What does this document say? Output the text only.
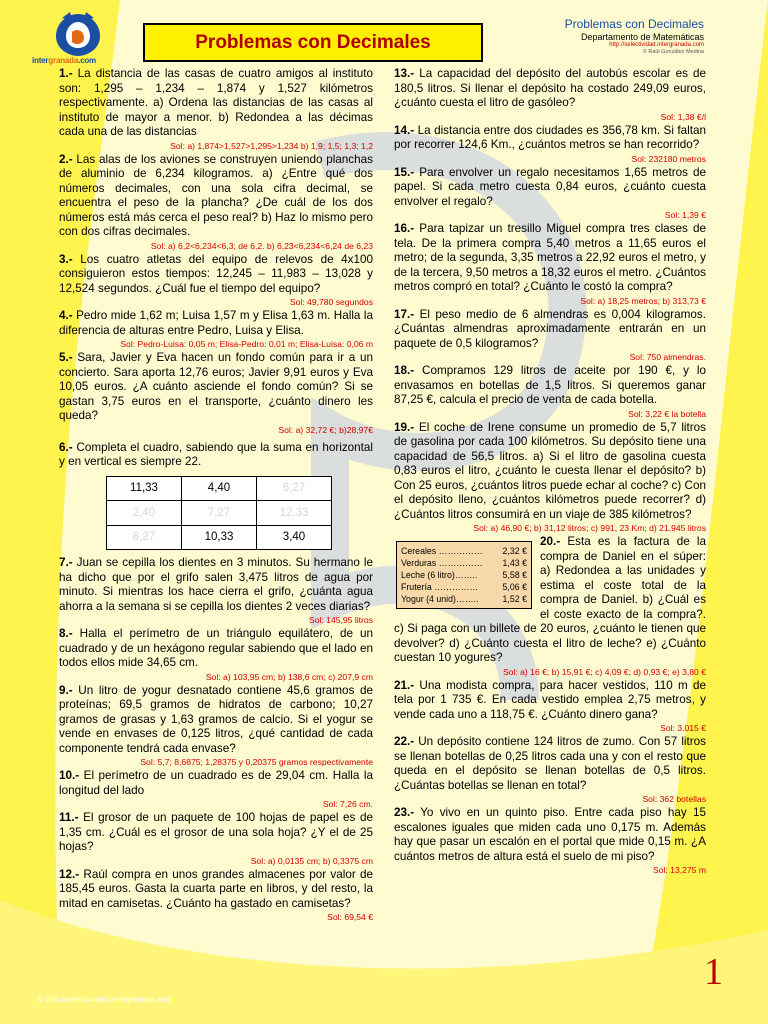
intergranada.com
Problemas con Decimales
Problemas con Decimales
Departamento de Matemáticas
http://selectividad.intergranada.com
© Raúl González Medina
1.- La distancia de las casas de cuatro amigos al instituto son: 1,295 – 1,234 – 1,874 y 1,527 kilómetros respectivamente. a) Ordena las distancias de las casas al instituto de mayor a menor. b) Redondea a las décimas cada una de las distancias
Sol: a) 1,874>1,527>1,295>1,234 b) 1,9; 1,5; 1,3; 1,2
2.- Las alas de los aviones se construyen uniendo planchas de aluminio de 6,234 kilogramos. a) ¿Entre qué dos números decimales, con una sola cifra decimal, se encuentra el peso de la plancha? ¿De cuál de los dos números está más cerca el peso real? b) Haz lo mismo pero con dos cifras decimales.
Sol: a) 6,2<6,234<6,3; de 6,2. b) 6,23<6,234<6,24 de 6,23
3.- Los cuatro atletas del equipo de relevos de 4x100 consiguieron estos tiempos: 12,245 – 11,983 – 13,028 y 12,524 segundos. ¿Cuál fue el tiempo del equipo?
Sol: 49,780 segundos
4.- Pedro mide 1,62 m; Luisa 1,57 m y Elisa 1,63 m. Halla la diferencia de alturas entre Pedro, Luisa y Elisa.
Sol: Pedro-Luisa: 0,05 m; Elisa-Pedro: 0,01 m; Elisa-Luisa: 0,06 m
5.- Sara, Javier y Eva hacen un fondo común para ir a un concierto. Sara aporta 12,76 euros; Javier 9,91 euros y Eva 10,05 euros. ¿A cuánto asciende el fondo común? Si se gastan 3,75 euros en el transporte, ¿cuánto dinero les queda?
Sol: a) 32,72 €; b)28,97€
6.- Completa el cuadro, sabiendo que la suma en horizontal y en vertical es siempre 22.
11,33	4,40	6,27
2,40	7,27	12,33
8,27	10,33	3,40
7.- Juan se cepilla los dientes en 3 minutos. Su hermano le ha dicho que por el grifo salen 3,475 litros de agua por minuto. Si mientras los hace cierra el grifo, ¿cuánta agua ahorra a la semana si se cepilla los dientes 2 veces diarias?
Sol: 145,95 litros
8.- Halla el perímetro de un triángulo equilátero, de un cuadrado y de un hexágono regular sabiendo que el lado en todos ellos mide 34,65 cm.
Sol: a) 103,95 cm; b) 138,6 cm; c) 207,9 cm
9.- Un litro de yogur desnatado contiene 45,6 gramos de proteínas; 69,5 gramos de hidratos de carbono; 10,27 gramos de grasas y 1,63 gramos de calcio. Si el yogur se vende en envases de 0,125 litros, ¿qué cantidad de cada componente tendrá cada envase?
Sol: 5,7; 8,6875; 1,28375 y 0,20375 gramos respectivamente
10.- El perímetro de un cuadrado es de 29,04 cm. Halla la longitud del lado
Sol: 7,26 cm.
11.- El grosor de un paquete de 100 hojas de papel es de 1,35 cm. ¿Cuál es el grosor de una sola hoja? ¿Y el de 25 hojas?
Sol: a) 0,0135 cm; b) 0,3375 cm
12.- Raúl compra en unos grandes almacenes por valor de 185,45 euros. Gasta la cuarta parte en libros, y del resto, la mitad en camisetas. ¿Cuánto ha gastado en camisetas?
Sol: 69,54 €
13.- La capacidad del depósito del autobús escolar es de 180,5 litros. Si llenar el depósito ha costado 249,09 euros, ¿cuánto cuesta el litro de gasóleo?
Sol: 1,38 €/l
14.- La distancia entre dos ciudades es 356,78 km. Si faltan por recorrer 124,6 Km., ¿cuántos metros se han recorrido?
Sol: 232180 metros
15.- Para envolver un regalo necesitamos 1,65 metros de papel. Si cada metro cuesta 0,84 euros, ¿cuánto cuesta envolver el regalo?
Sol: 1,39 €
16.- Para tapizar un tresillo Miguel compra tres clases de tela. De la primera compra 5,40 metros a 11,65 euros el metro; de la segunda, 3,35 metros a 22,92 euros el metro, y de la tercera, 9,50 metros a 18,32 euros el metro. ¿Cuántos metros compró en total? ¿Cuánto le costó la compra?
Sol: a) 18,25 metros; b) 313,73 €
17.- El peso medio de 6 almendras es 0,004 kilogramos. ¿Cuántas almendras aproximadamente entrarán en un paquete de 0,5 kilogramos?
Sol: 750 almendras.
18.- Compramos 129 litros de aceite por 190 €, y lo envasamos en botellas de 1,5 litros. Si queremos ganar 87,25 €, calcula el precio de venta de cada botella.
Sol: 3,22 € la botella
19.- El coche de Irene consume un promedio de 5,7 litros de gasolina por cada 100 kilómetros. Su depósito tiene una capacidad de 56,5 litros. a) Si el litro de gasolina cuesta 0,83 euros el litro, ¿cuánto le cuesta llenar el depósito? b) Con 25 euros, ¿cuántos litros puede echar al coche? c) Con el depósito lleno, ¿cuántos kilómetros puede recorrer? d) ¿Cuántos litros consumirá en un viaje de 385 kilómetros?
Sol: a) 46,90 €; b) 31,12 litros; c) 991, 23 Km; d) 21,945 litros
Cereales …………… 2,32 €
Verduras …………… 1,43 €
Leche (6 litro)……..	5,58 €
Frutería ……………	5,06 €
Yogur (4 unid)……..	1,52 €
20.- Esta es la factura de la compra de Daniel en el súper: a) Redondea a las unidades y estima el coste total de la compra de Daniel. b) ¿Cuál es el coste exacto de la compra?. c) Si paga con un billete de 20 euros, ¿cuánto le tienen que devolver? d) ¿Cuánto cuesta el litro de leche? e) ¿Cuánto cuestan 10 yogures?
Sol: a) 16 €; b) 15,91 €; c) 4,09 €; d) 0,93 €; e) 3,80 €
21.- Una modista compra, para hacer vestidos, 110 m de tela por 1 735 €. En cada vestido emplea 2,75 metros, y vende cada uno a 118,75 €. ¿Cuánto dinero gana?
Sol: 3.015 €
22.- Un depósito contiene 124 litros de zumo. Con 57 litros se llenan botellas de 0,25 litros cada una y con el resto que queda en el depósito se llenan botellas de 0,5 litros. ¿Cuántas botellas se llenan en total?
Sol: 362 botellas
23.- Yo vivo en un quinto piso. Entre cada piso hay 15 escalones iguales que miden cada uno 0,175 m. Además hay que pasar un escalón en el portal que mide 0,15 m. ¿A cuántos metros de altura está el suelo de mi piso?
Sol: 13,275 m
1
© http://selectividad.intergranada.com
